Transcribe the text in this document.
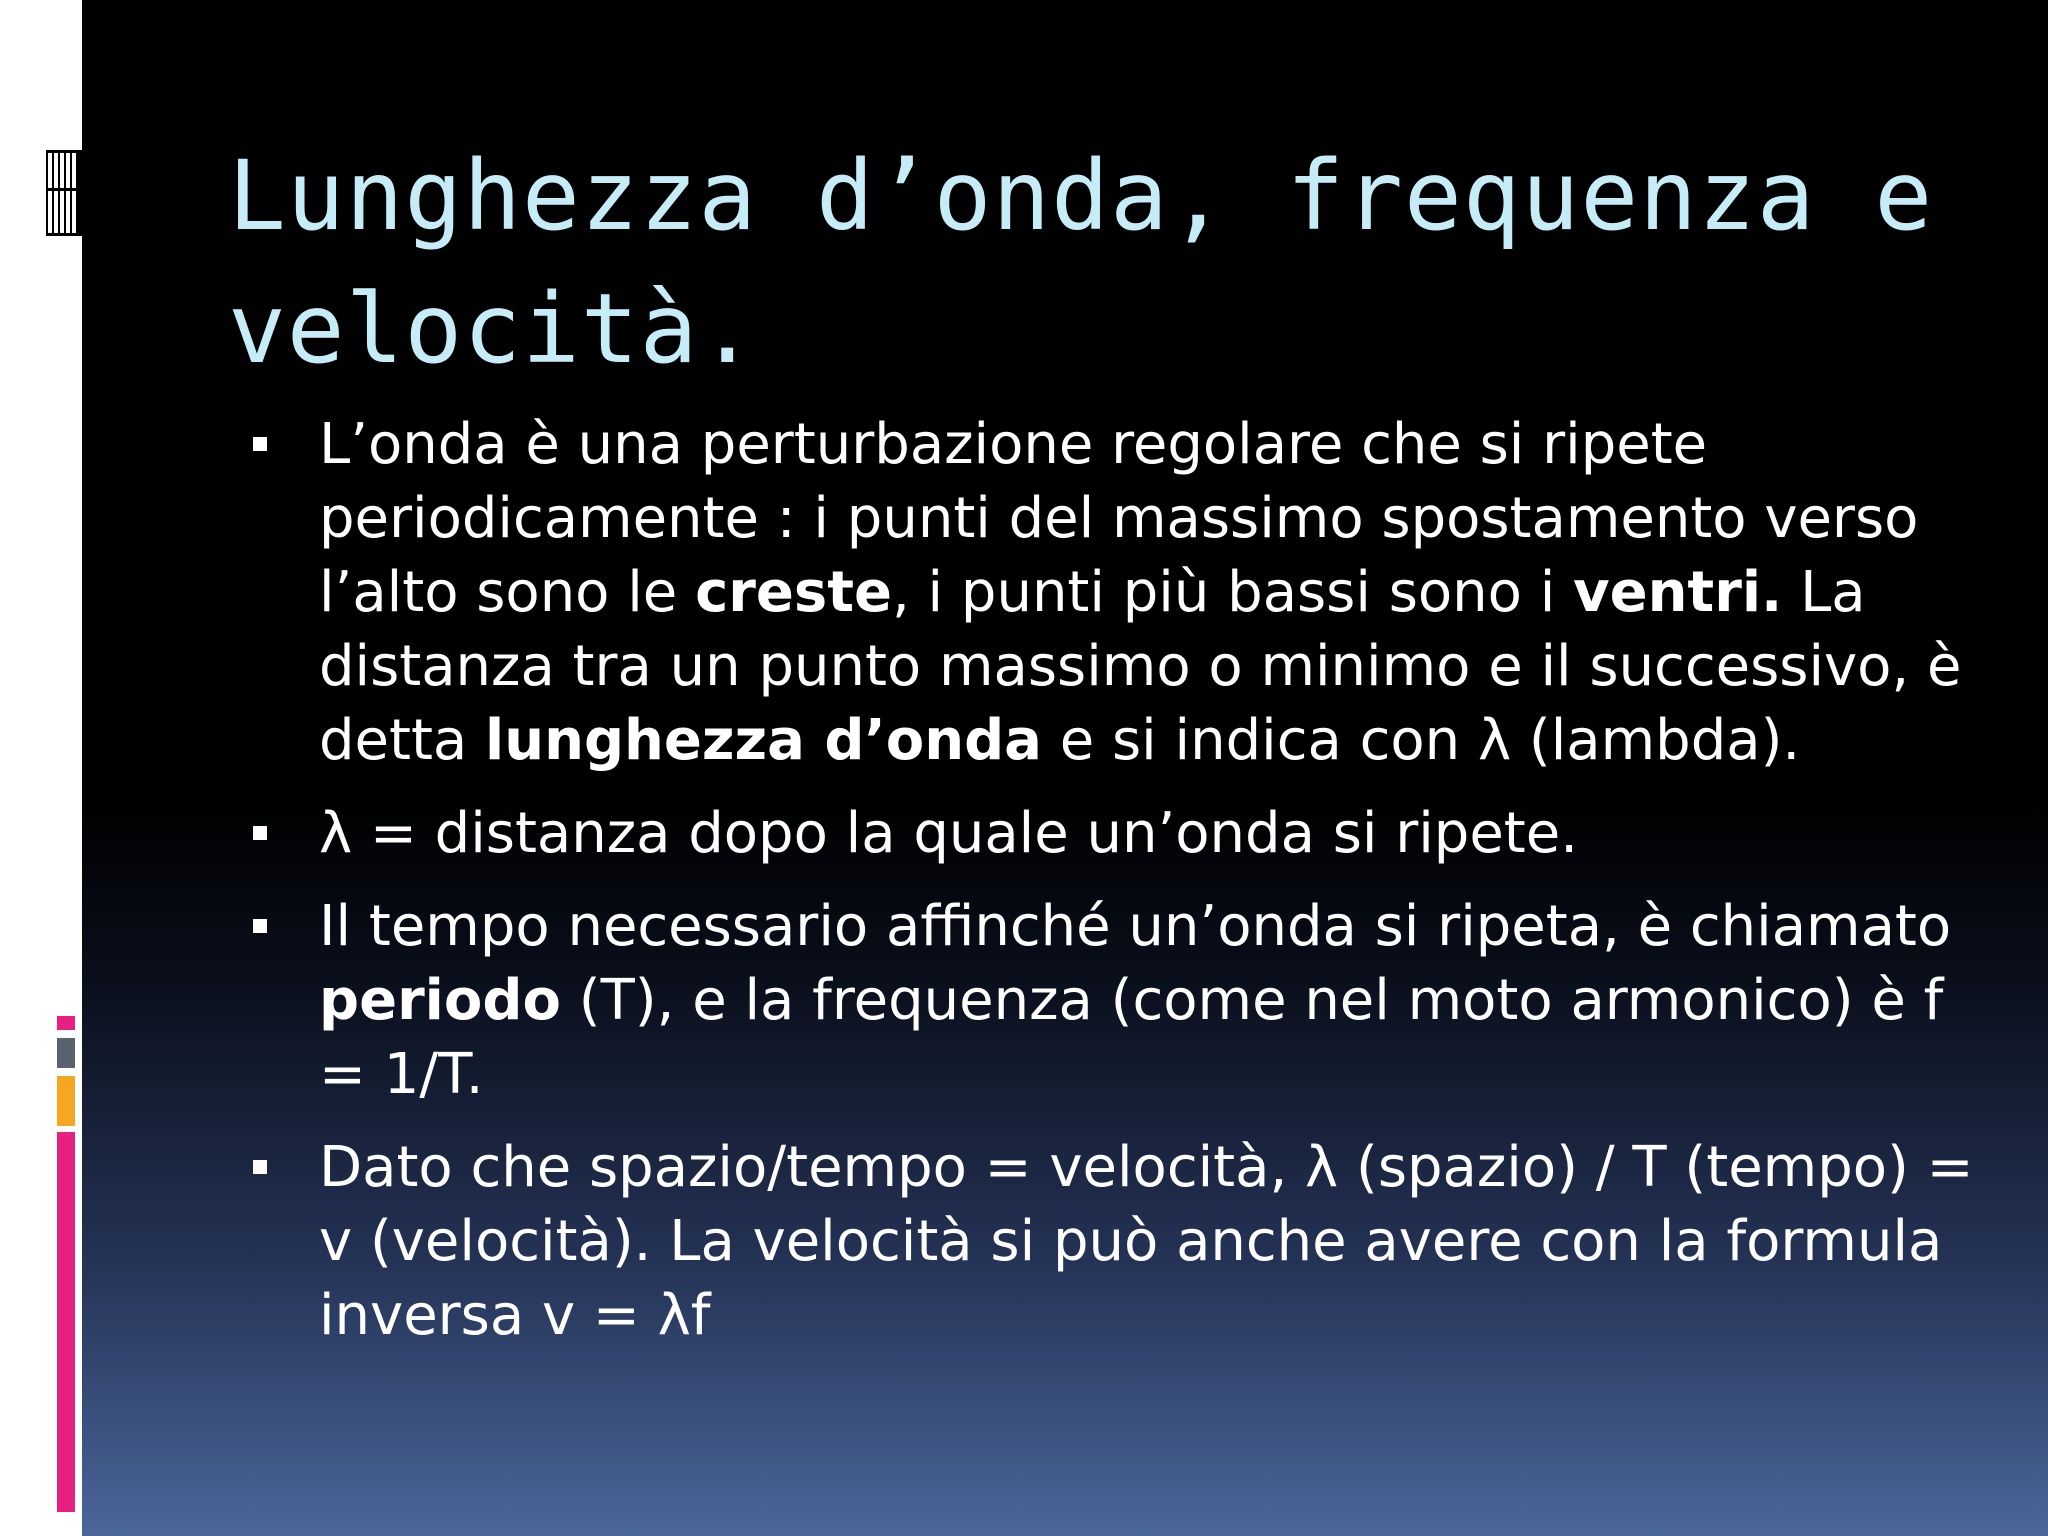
Lunghezza d’onda, frequenza e velocità.
L’onda è una perturbazione regolare che si ripete periodicamente : i punti del massimo spostamento verso l’alto sono le creste, i punti più bassi sono i ventri. La distanza tra un punto massimo o minimo e il successivo, è detta lunghezza d’onda e si indica con λ (lambda).
λ = distanza dopo la quale un’onda si ripete.
Il tempo necessario affinché un’onda si ripeta, è chiamato periodo (T), e la frequenza (come nel moto armonico) è f = 1/T.
Dato che spazio/tempo = velocità, λ (spazio) / T (tempo) = v (velocità). La velocità si può anche avere con la formula inversa v = λf
